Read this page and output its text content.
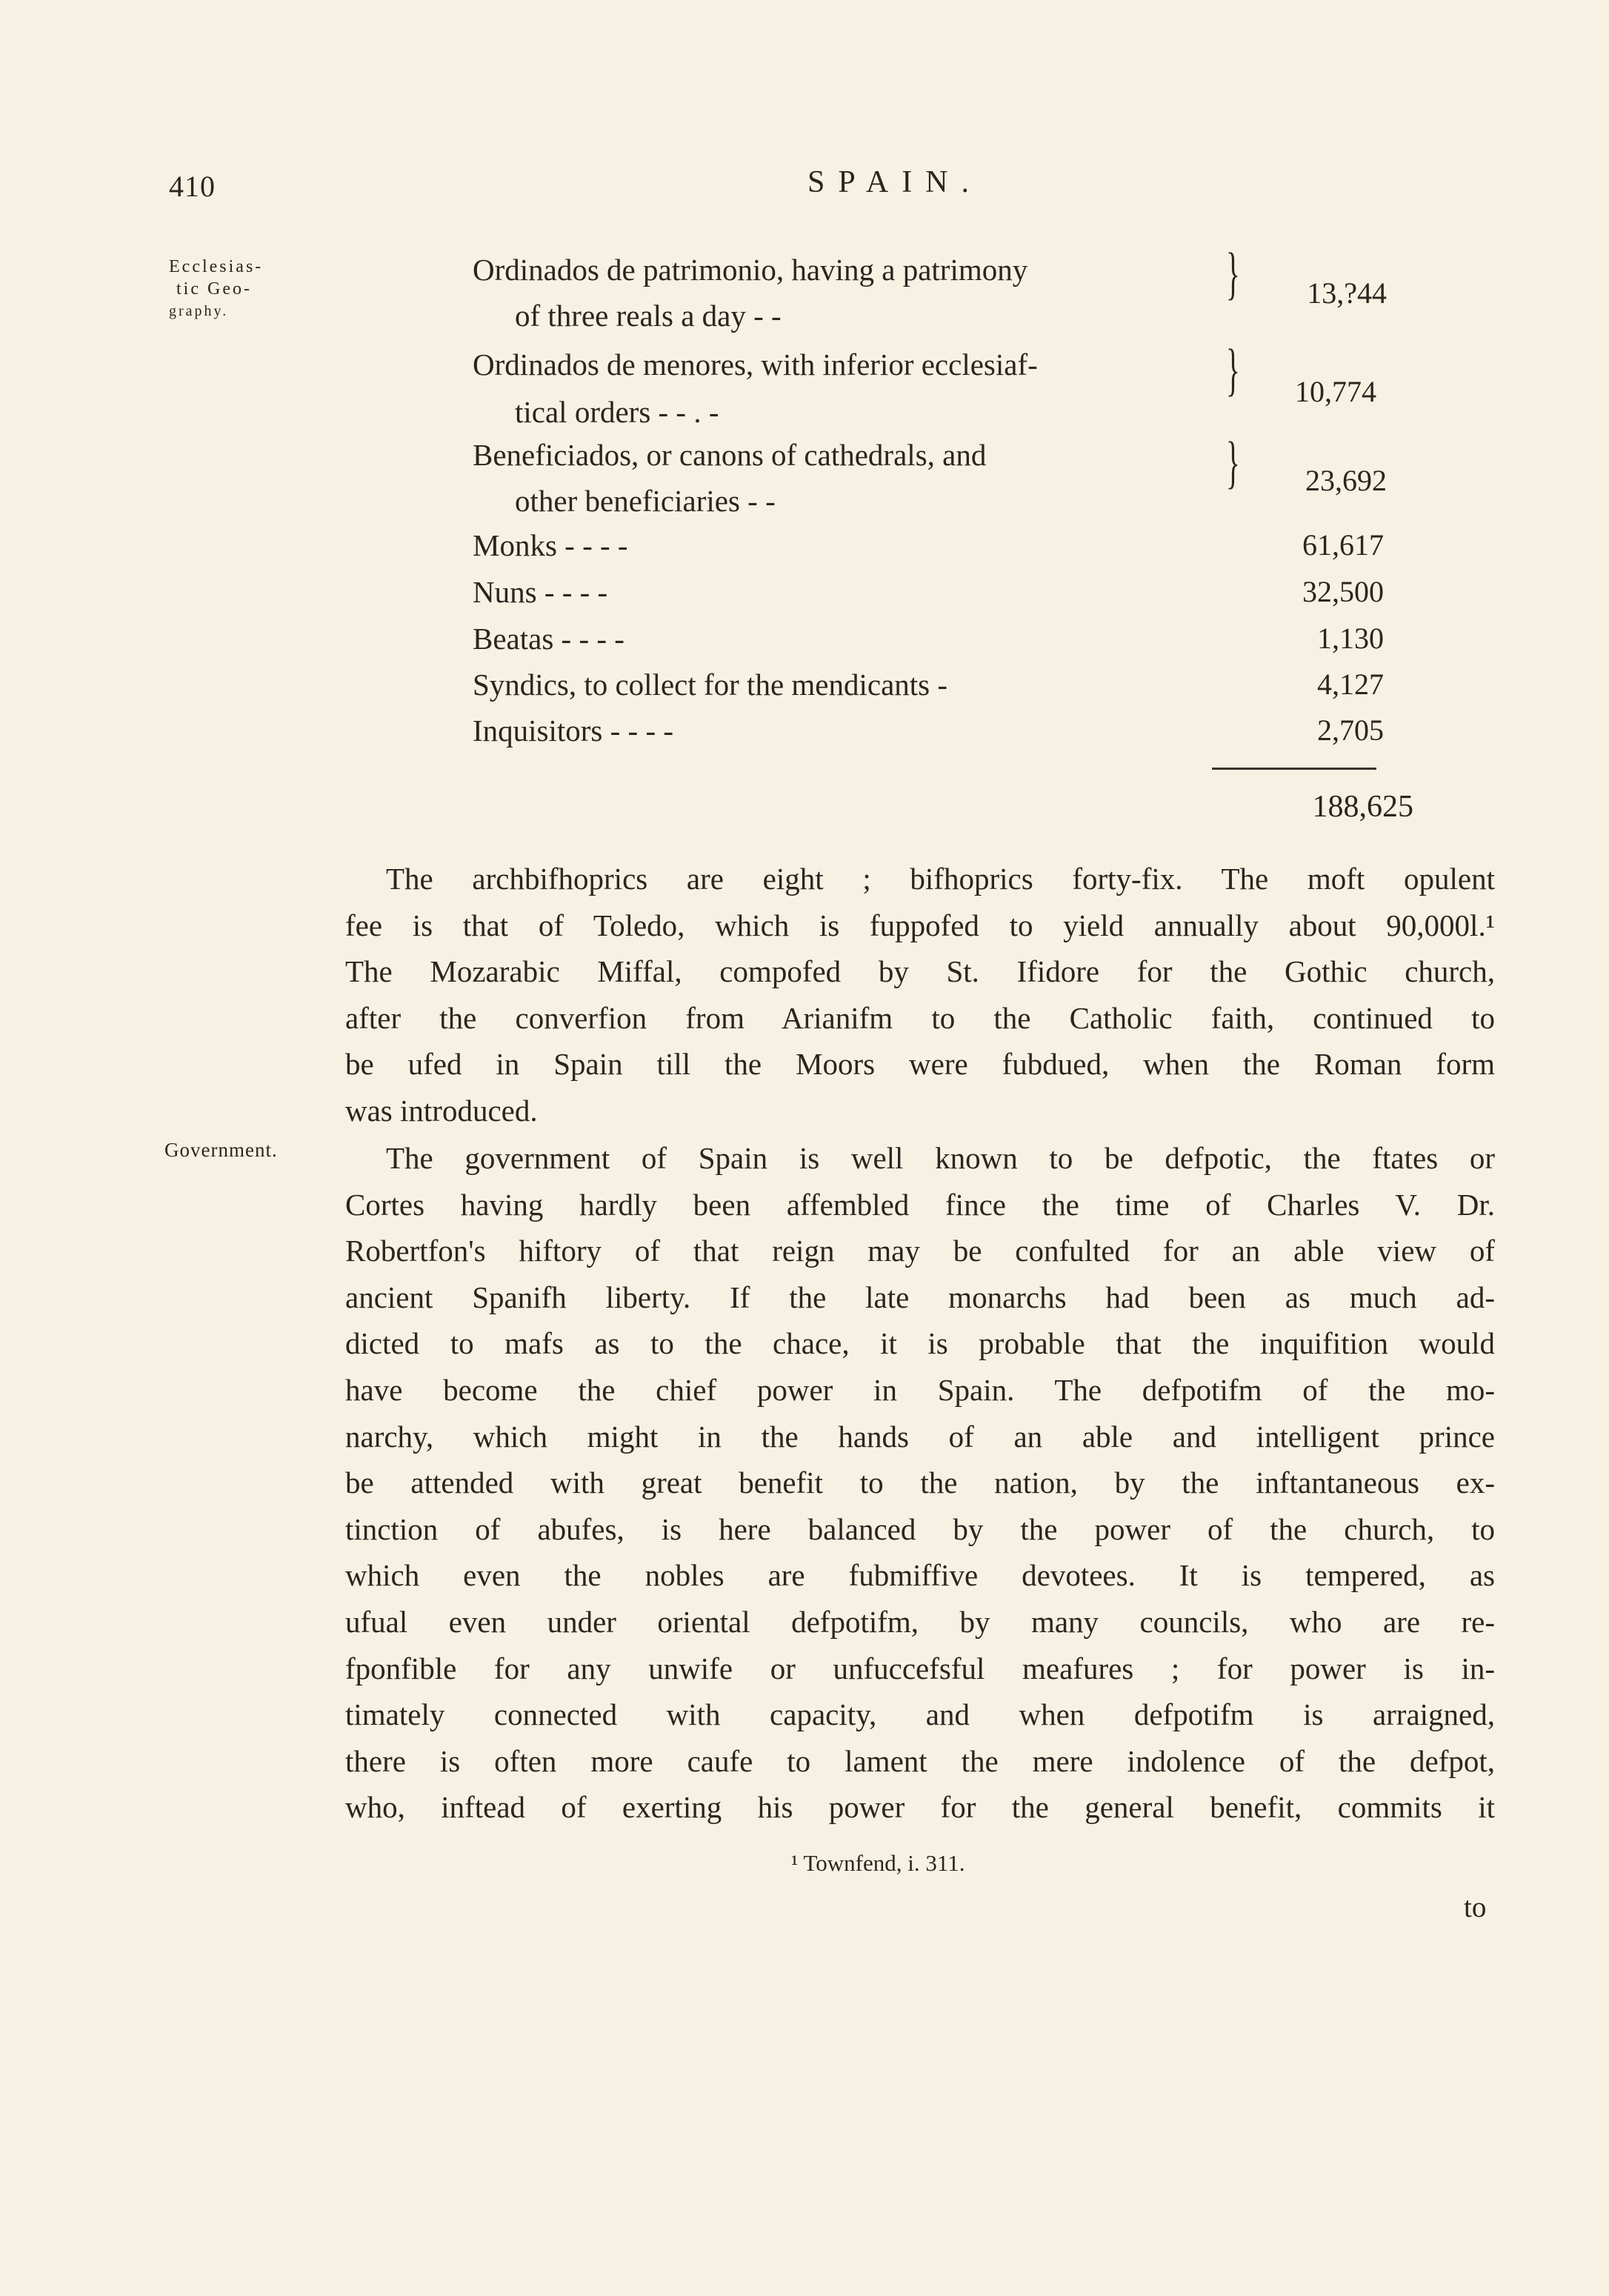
410	SPAIN.
Ecclesias-
tic Geo-
graphy.
Ordinados de patrimonio, having a patrimony
of three reals a day - -
}	13,?44
Ordinados de menores, with inferior ecclesiaf-
tical orders - - . -
}	10,774
Beneficiados, or canons of cathedrals, and
other beneficiaries - -
}	23,692
Monks - - - -	61,617
Nuns - - - -	32,500
Beatas - - - -	1,130
Syndics, to collect for the mendicants -	4,127
Inquisitors - - - -	2,705
188,625
The archbifhoprics are eight ; bifhoprics forty-fix. The moft opulent
fee is that of Toledo, which is fuppofed to yield annually about 90,000l.¹
The Mozarabic Miffal, compofed by St. Ifidore for the Gothic church,
after the converfion from Arianifm to the Catholic faith, continued to
be ufed in Spain till the Moors were fubdued, when the Roman form
was introduced.
Government.	The government of Spain is well known to be defpotic, the ftates or
Cortes having hardly been affembled fince the time of Charles V. Dr.
Robertfon's hiftory of that reign may be confulted for an able view of
ancient Spanifh liberty. If the late monarchs had been as much ad-
dicted to mafs as to the chace, it is probable that the inquifition would
have become the chief power in Spain. The defpotifm of the mo-
narchy, which might in the hands of an able and intelligent prince
be attended with great benefit to the nation, by the inftantaneous ex-
tinction of abufes, is here balanced by the power of the church, to
which even the nobles are fubmiffive devotees. It is tempered, as
ufual even under oriental defpotifm, by many councils, who are re-
fponfible for any unwife or unfuccefsful meafures ; for power is in-
timately connected with capacity, and when defpotifm is arraigned,
there is often more caufe to lament the mere indolence of the defpot,
who, inftead of exerting his power for the general benefit, commits it
¹ Townfend, i. 311.
to
